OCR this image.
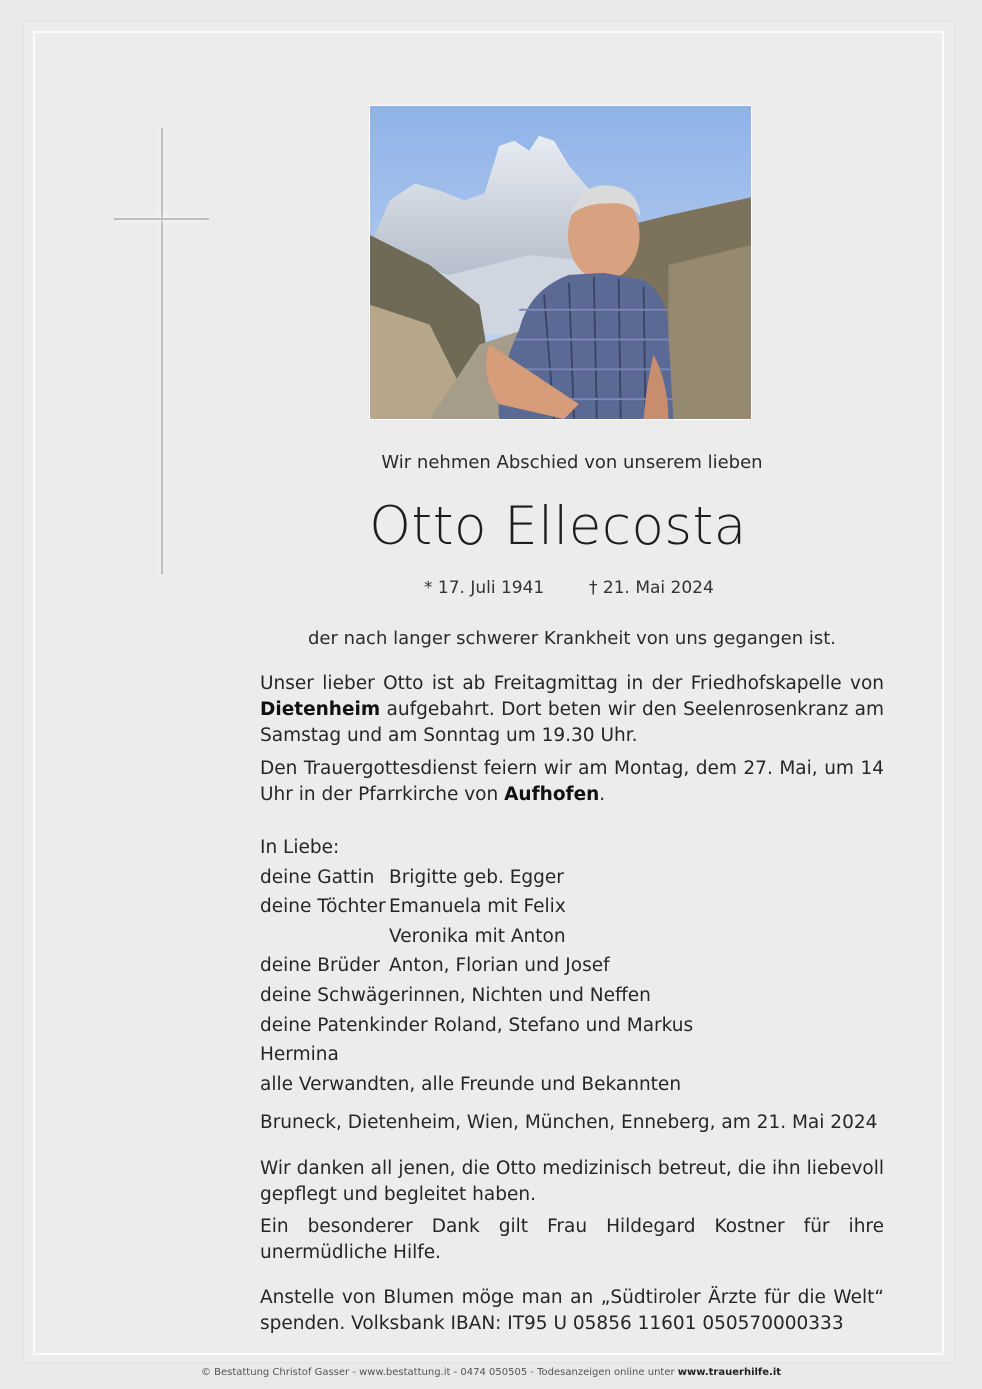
Wir nehmen Abschied von unserem lieben
Otto Ellecosta
* 17. Juli 1941	† 21. Mai 2024
der nach langer schwerer Krankheit von uns gegangen ist.
Unser lieber Otto ist ab Freitagmittag in der Friedhofskapelle von Dietenheim aufgebahrt. Dort beten wir den Seelenrosenkranz am Samstag und am Sonntag um 19.30 Uhr.
Den Trauergottesdienst feiern wir am Montag, dem 27. Mai, um 14 Uhr in der Pfarrkirche von Aufhofen.
In Liebe:
deine Gattin Brigitte geb. Egger
deine Töchter Emanuela mit Felix
Veronika mit Anton
deine Brüder Anton, Florian und Josef
deine Schwägerinnen, Nichten und Neffen
deine Patenkinder Roland, Stefano und Markus
Hermina
alle Verwandten, alle Freunde und Bekannten
Bruneck, Dietenheim, Wien, München, Enneberg, am 21. Mai 2024
Wir danken all jenen, die Otto medizinisch betreut, die ihn liebevoll gepflegt und begleitet haben.
Ein besonderer Dank gilt Frau Hildegard Kostner für ihre unermüdliche Hilfe.
Anstelle von Blumen möge man an „Südtiroler Ärzte für die Welt“ spenden. Volksbank IBAN: IT95 U 05856 11601 050570000333
© Bestattung Christof Gasser - www.bestattung.it - 0474 050505 - Todesanzeigen online unter www.trauerhilfe.it
